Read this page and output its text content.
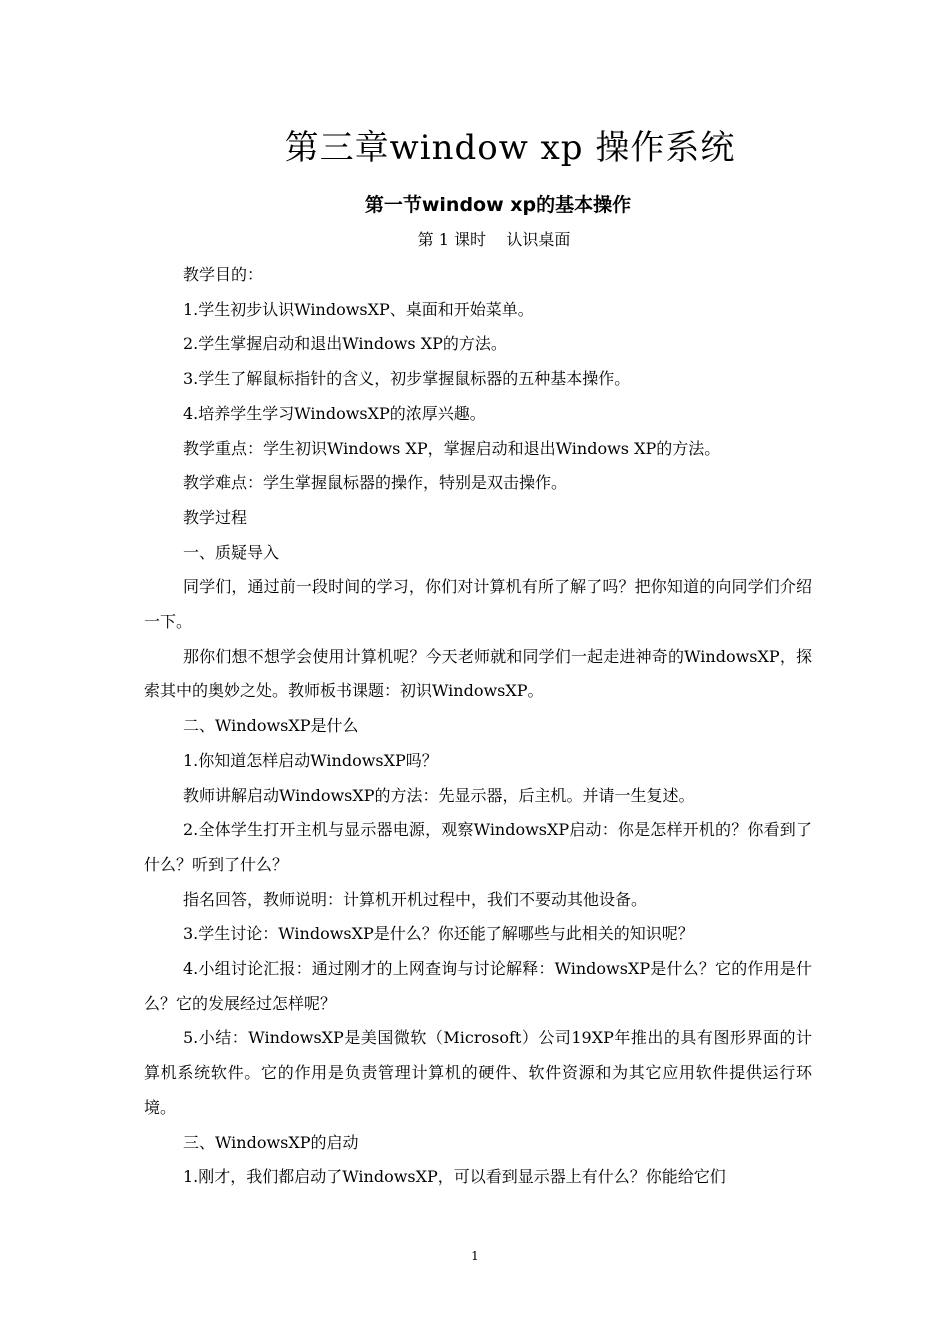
第三章window xp 操作系统
第一节window xp的基本操作
第 1 课时    认识桌面

教学目的：

1.学生初步认识WindowsXP、桌面和开始菜单。

2.学生掌握启动和退出Windows XP的方法。

3.学生了解鼠标指针的含义，初步掌握鼠标器的五种基本操作。

4.培养学生学习WindowsXP的浓厚兴趣。

教学重点：学生初识Windows XP，掌握启动和退出Windows XP的方法。

教学难点：学生掌握鼠标器的操作，特别是双击操作。

教学过程

一、质疑导入

同学们，通过前一段时间的学习，你们对计算机有所了解了吗？把你知道的向同学们介绍一下。

那你们想不想学会使用计算机呢？今天老师就和同学们一起走进神奇的WindowsXP，探索其中的奥妙之处。教师板书课题：初识WindowsXP。

二、WindowsXP是什么

1.你知道怎样启动WindowsXP吗？

教师讲解启动WindowsXP的方法：先显示器，后主机。并请一生复述。

2.全体学生打开主机与显示器电源，观察WindowsXP启动：你是怎样开机的？你看到了什么？听到了什么？

指名回答，教师说明：计算机开机过程中，我们不要动其他设备。

3.学生讨论：WindowsXP是什么？你还能了解哪些与此相关的知识呢？

4.小组讨论汇报：通过刚才的上网查询与讨论解释：WindowsXP是什么？它的作用是什么？它的发展经过怎样呢？

5.小结：WindowsXP是美国微软（Microsoft）公司19XP年推出的具有图形界面的计算机系统软件。它的作用是负责管理计算机的硬件、软件资源和为其它应用软件提供运行环境。

三、WindowsXP的启动

1.刚才，我们都启动了WindowsXP，可以看到显示器上有什么？你能给它们

1
